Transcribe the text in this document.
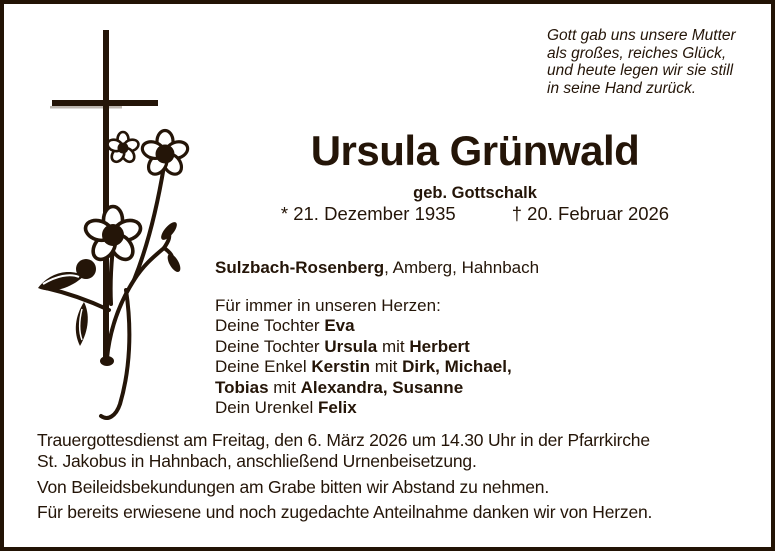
Gott gab uns unsere Mutter
als großes, reiches Glück,
und heute legen wir sie still
in seine Hand zurück.
Ursula Grünwald
geb. Gottschalk
* 21. Dezember 1935	† 20. Februar 2026
Sulzbach-Rosenberg, Amberg, Hahnbach
Für immer in unseren Herzen:
Deine Tochter Eva
Deine Tochter Ursula mit Herbert
Deine Enkel Kerstin mit Dirk, Michael,
Tobias mit Alexandra, Susanne
Dein Urenkel Felix

Trauergottesdienst am Freitag, den 6. März 2026 um 14.30 Uhr in der Pfarrkirche
St. Jakobus in Hahnbach, anschließend Urnenbeisetzung.

Von Beileidsbekundungen am Grabe bitten wir Abstand zu nehmen.

Für bereits erwiesene und noch zugedachte Anteilnahme danken wir von Herzen.
